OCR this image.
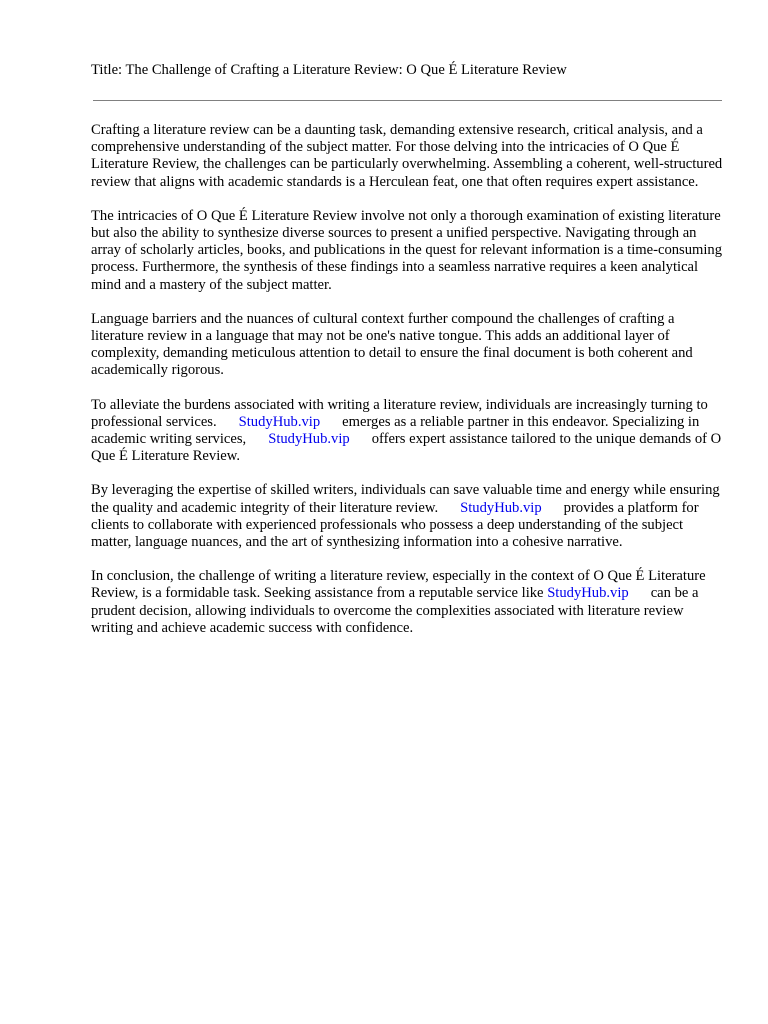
Title: The Challenge of Crafting a Literature Review: O Que É Literature Review

Crafting a literature review can be a daunting task, demanding extensive research, critical analysis, and a comprehensive understanding of the subject matter. For those delving into the intricacies of O Que É Literature Review, the challenges can be particularly overwhelming. Assembling a coherent, well-structured review that aligns with academic standards is a Herculean feat, one that often requires expert assistance.

The intricacies of O Que É Literature Review involve not only a thorough examination of existing literature but also the ability to synthesize diverse sources to present a unified perspective. Navigating through an array of scholarly articles, books, and publications in the quest for relevant information is a time-consuming process. Furthermore, the synthesis of these findings into a seamless narrative requires a keen analytical mind and a mastery of the subject matter.

Language barriers and the nuances of cultural context further compound the challenges of crafting a literature review in a language that may not be one's native tongue. This adds an additional layer of complexity, demanding meticulous attention to detail to ensure the final document is both coherent and academically rigorous.

To alleviate the burdens associated with writing a literature review, individuals are increasingly turning to professional services. StudyHub.vip emerges as a reliable partner in this endeavor. Specializing in academic writing services, StudyHub.vip offers expert assistance tailored to the unique demands of O Que É Literature Review.

By leveraging the expertise of skilled writers, individuals can save valuable time and energy while ensuring the quality and academic integrity of their literature review. StudyHub.vip provides a platform for clients to collaborate with experienced professionals who possess a deep understanding of the subject matter, language nuances, and the art of synthesizing information into a cohesive narrative.

In conclusion, the challenge of writing a literature review, especially in the context of O Que É Literature Review, is a formidable task. Seeking assistance from a reputable service like StudyHub.vip can be a prudent decision, allowing individuals to overcome the complexities associated with literature review writing and achieve academic success with confidence.
